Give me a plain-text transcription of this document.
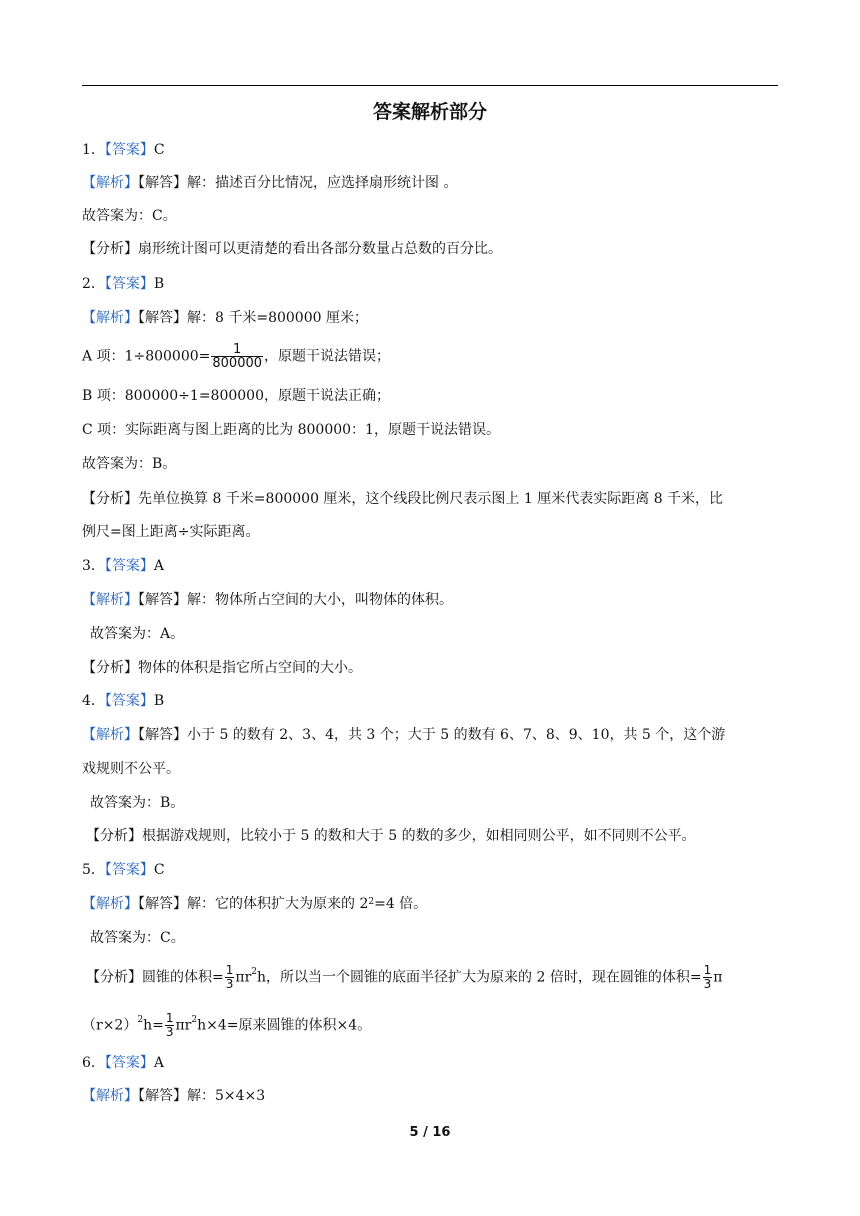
答案解析部分
1．【答案】C
【解析】【解答】解：描述百分比情况，应选择扇形统计图 。
故答案为：C。
【分析】扇形统计图可以更清楚的看出各部分数量占总数的百分比。
2．【答案】B
【解析】【解答】解：8 千米=800000 厘米；
A 项：$1\div 800000= \frac{1}{800000}$ ，原题干说法错误；
B 项：800000÷1=800000，原题干说法正确；
C 项：实际距离与图上距离的比为 800000：1，原题干说法错误。
故答案为：B。
【分析】先单位换算 8 千米=800000 厘米，这个线段比例尺表示图上 1 厘米代表实际距离 8 千米，比
例尺=图上距离÷实际距离。
3．【答案】A
【解析】【解答】解：物体所占空间的大小，叫物体的体积。
故答案为：A。
【分析】物体的体积是指它所占空间的大小。
4．【答案】B
【解析】【解答】小于 5 的数有 2、3、4，共 3 个；大于 5 的数有 6、7、8、9、10，共 5 个，这个游
戏规则不公平。
故答案为：B。
【分析】根据游戏规则，比较小于 5 的数和大于 5 的数的多少，如相同则公平，如不同则不公平。
5．【答案】C
【解析】【解答】解：它的体积扩大为原来的 $2^2=4$ 倍。
故答案为：C。
【分析】圆锥的体积= $\frac{1}{3} \pi r^2h$，所以当一个圆锥的底面半径扩大为原来的 2 倍时，现在圆锥的体积= $\frac{1}{3}$ π
$(r\times 2)^2h= \frac{1}{3} \pi r^2h\times 4=$原来圆锥的体积×4。
6．【答案】A
【解析】【解答】解：5×4×3
5 / 16
